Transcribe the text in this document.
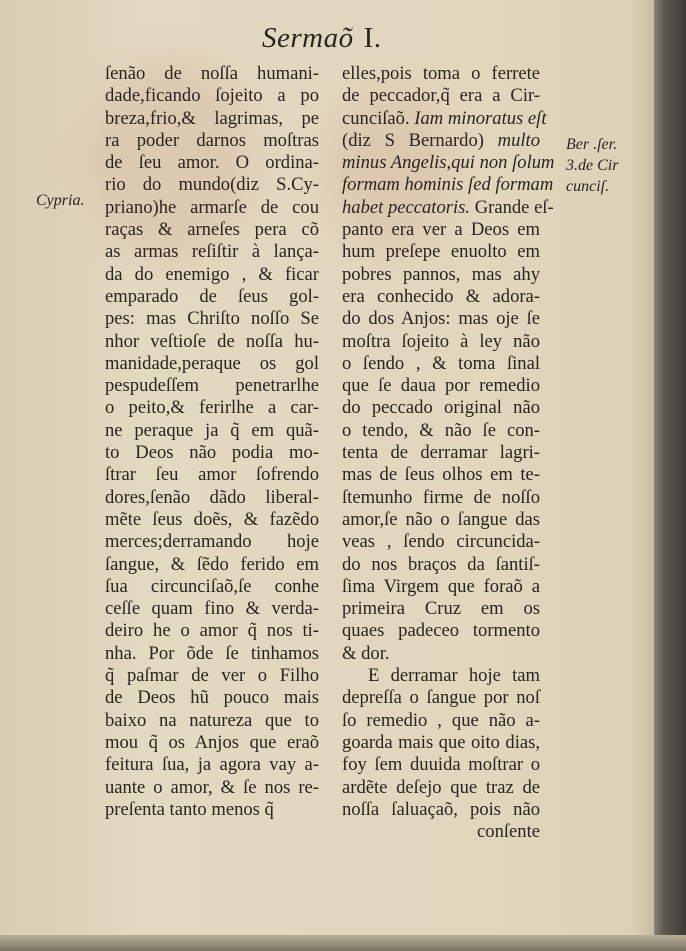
Sermaõ I.
Cypria.
Ber .ſer.
3.de Cir
cunciſ.
ſenão de noſſa humani-
dade,ficando ſojeito a po
breza,frio,& lagrimas, pe
ra poder darnos moſtras
de ſeu amor. O ordina-
rio do mundo(diz S.Cy-
priano)he armarſe de cou
raças & arneſes pera cõ
as armas reſiſtir à lança-
da do enemigo , & ficar
emparado de ſeus gol-
pes: mas Chriſto noſſo Se
nhor veſtioſe de noſſa hu-
manidade,peraque os gol
pespudeſſem penetrarlhe
o peito,& ferirlhe a car-
ne peraque ja q̃ em quã-
to Deos não podia mo-
ſtrar ſeu amor ſofrendo
dores,ſenão dãdo liberal-
mẽte ſeus doẽs, & fazẽdo
merces;derramando hoje
ſangue, & ſẽdo ferido em
ſua circunciſaõ,ſe conhe
ceſſe quam fino & verda-
deiro he o amor q̃ nos ti-
nha. Por õde ſe tinhamos
q̃ paſmar de ver o Filho
de Deos hũ pouco mais
baixo na natureza que to
mou q̃ os Anjos que eraõ
feitura ſua, ja agora vay a-
uante o amor, & ſe nos re-
preſenta tanto menos q̃
elles,pois toma o ferrete
de peccador,q̃ era a Cir-
cunciſaõ. Iam minoratus eſt
(diz S Bernardo) multo
minus Angelis,qui non ſolum
formam hominis ſed formam
habet peccatoris. Grande eſ-
panto era ver a Deos em
hum preſepe enuolto em
pobres pannos, mas ahy
era conhecido & adora-
do dos Anjos: mas oje ſe
moſtra ſojeito à ley não
o ſendo , & toma ſinal
que ſe daua por remedio
do peccado original não
o tendo, & não ſe con-
tenta de derramar lagri-
mas de ſeus olhos em te-
ſtemunho firme de noſſo
amor,ſe não o ſangue das
veas , ſendo circuncida-
do nos braços da ſantiſ-
ſima Virgem que foraõ a
primeira Cruz em os
quaes padeceo tormento
& dor.
E derramar hoje tam
depreſſa o ſangue por noſ
ſo remedio , que não a-
goarda mais que oito dias,
foy ſem duuida moſtrar o
ardẽte deſejo que traz de
noſſa ſaluaçaõ, pois não
conſente
